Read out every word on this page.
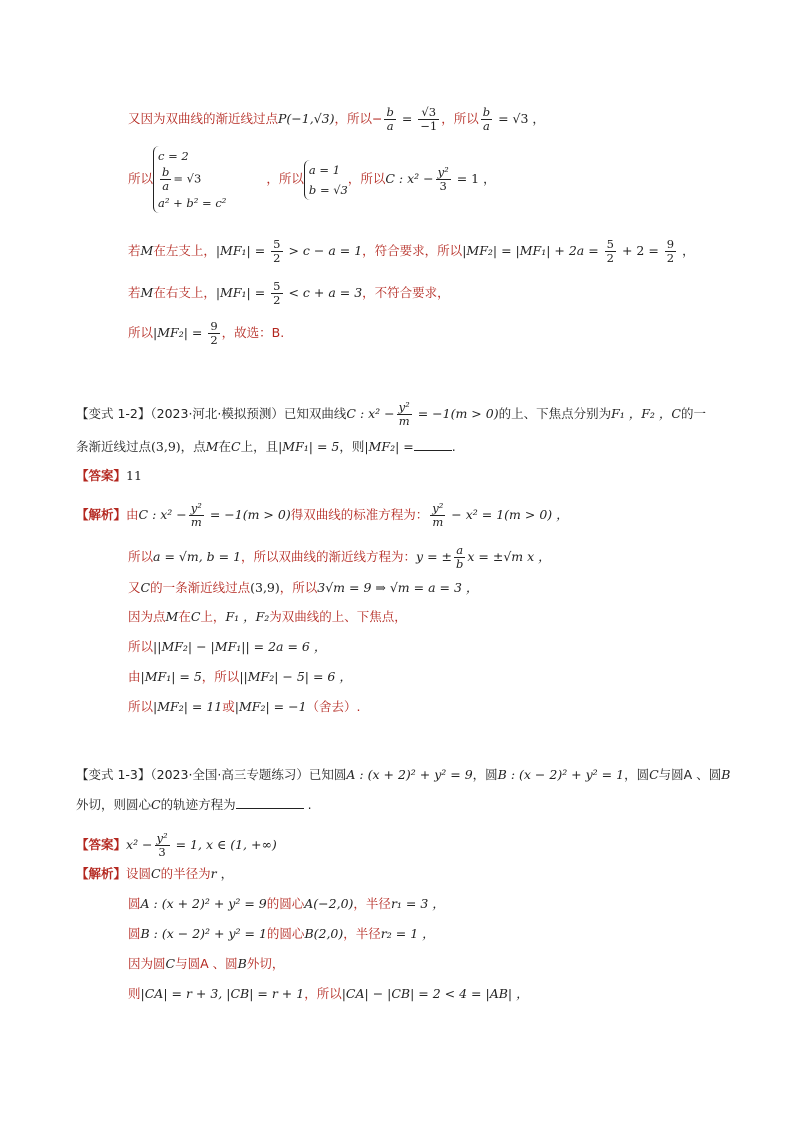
又因为双曲线的渐近线过点P(−1,√3)，所以− $\frac{b}{a} = \frac{√3}{-1}$ ，所以 $\frac{b}{a} = √3$ ，
所以
c = 2
$\frac{b}{a} = √3$
a² + b² = c²
，所以
a = 1
b = √3
，所以C : $x^2 - \frac{\text{y²}}{3} = 1$ ，
若M在左支上，$|MF_1| = \frac{5}{2} > c - a = 1$，符合要求，所以$|MF_2| = |MF_1| + 2a = \frac{5}{2} + 2 = \frac{9}{2}$ ，
若M在右支上，$|MF_1| = \frac{5}{2} < c + a = 3$，不符合要求，
所以$|MF_2| = \frac{9}{2}$ ，故选：B.
【变式 1-2】（2023·河北·模拟预测）已知双曲线C : $x^2 - \frac{\text{y²}}{m} = -1(m > 0)$的上、下焦点分别为F₁ ，F₂ ，C的一
条渐近线过点(3,9)，点M在C上，且|MF₁| = 5，则|MF₂| =	.
【答案】11
【解析】由C : $x^2 - \frac{\text{y²}}{m} = -1(m > 0)$得双曲线的标准方程为： $\frac{\text{y²}}{m} - x^2 = 1(m > 0)$ ，
所以a = √m, b = 1，所以双曲线的渐近线方程为：y = ± $\frac{a}{b}$ x = ±√m x ，
又C的一条渐近线过点(3,9)，所以3√m = 9 ⇒ √m = a = 3 ，
因为点M在C上，F₁ ，F₂为双曲线的上、下焦点，
所以||MF₂| − |MF₁|| = 2a = 6 ，
由|MF₁| = 5，所以||MF₂| − 5| = 6 ，
所以|MF₂| = 11或|MF₂| = −1（舍去）.
【变式 1-3】（2023·全国·高三专题练习）已知圆A : (x + 2)² + y² = 9，圆B : (x − 2)² + y² = 1，圆C与圆A 、圆B
外切，则圆心C的轨迹方程为	.
【答案】$x^2 - \frac{\text{y²}}{3} = 1$, x ∈ (1, +∞)
【解析】设圆C的半径为r ，
圆A : (x + 2)² + y² = 9的圆心A(−2,0)，半径r₁ = 3 ，
圆B : (x − 2)² + y² = 1的圆心B(2,0)，半径r₂ = 1 ，
因为圆C与圆A 、圆B外切，
则|CA| = r + 3, |CB| = r + 1，所以|CA| − |CB| = 2 < 4 = |AB| ，
